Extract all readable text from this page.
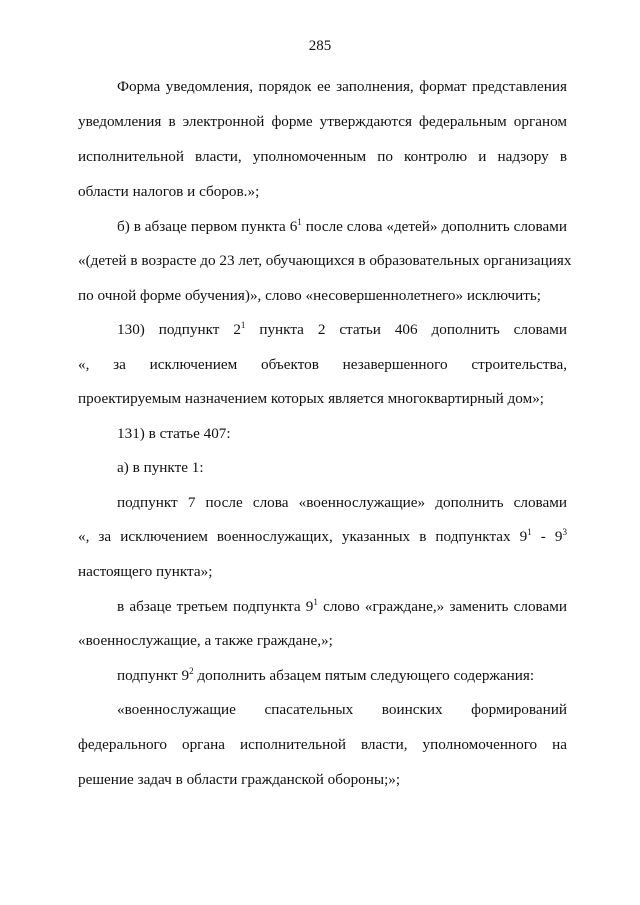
285
Форма уведомления, порядок ее заполнения, формат представления
уведомления в электронной форме утверждаются федеральным органом
исполнительной власти, уполномоченным по контролю и надзору в
области налогов и сборов.»;
б) в абзаце первом пункта $6^1$ после слова «детей» дополнить словами
«(детей в возрасте до 23 лет, обучающихся в образовательных организациях
по очной форме обучения)», слово «несовершеннолетнего» исключить;
130) подпункт $2^1$ пункта 2 статьи 406 дополнить словами
«, за исключением объектов незавершенного строительства,
проектируемым назначением которых является многоквартирный дом»;
131) в статье 407:
а) в пункте 1:
подпункт 7 после слова «военнослужащие» дополнить словами
«, за исключением военнослужащих, указанных в подпунктах $9^1 - 9^3$
настоящего пункта»;
в абзаце третьем подпункта $9^1$ слово «граждане,» заменить словами
«военнослужащие, а также граждане,»;
подпункт $9^2$ дополнить абзацем пятым следующего содержания:
«военнослужащие спасательных воинских формирований
федерального органа исполнительной власти, уполномоченного на
решение задач в области гражданской обороны;»;
